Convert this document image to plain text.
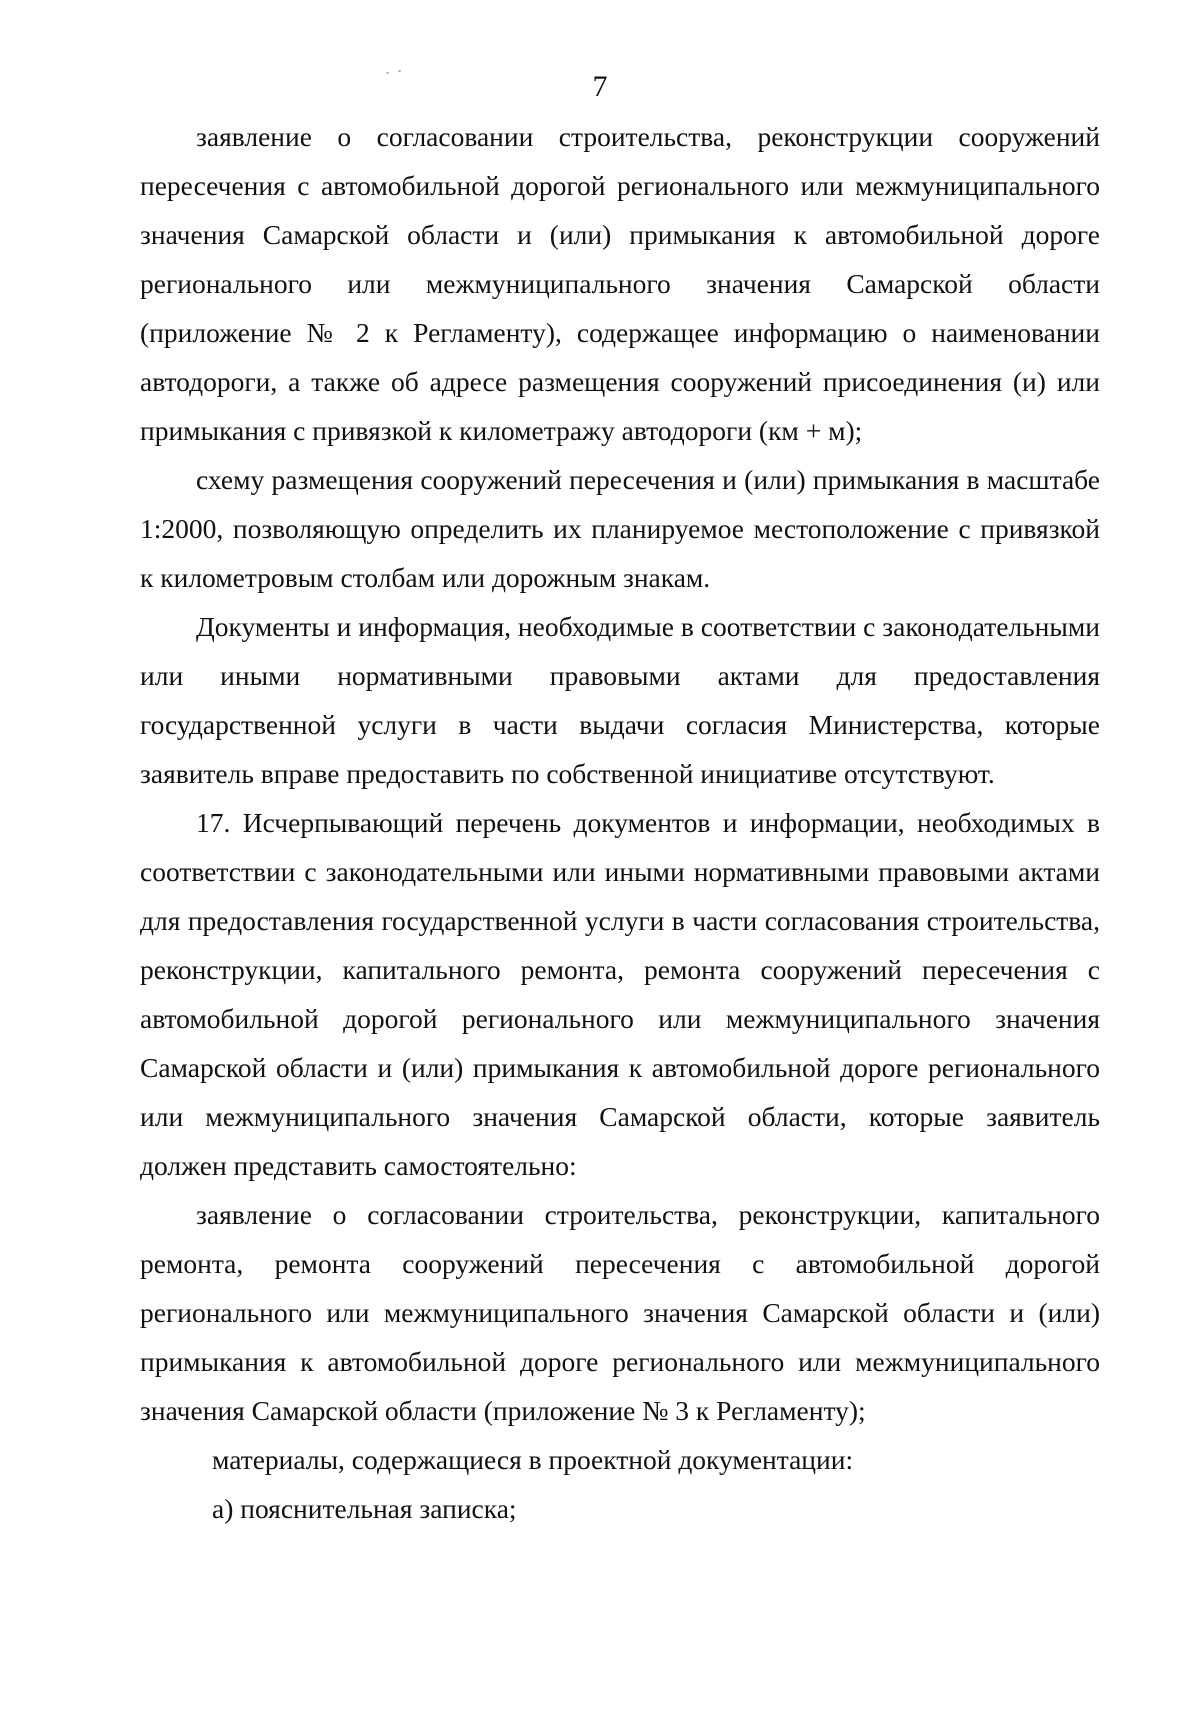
7

заявление о согласовании строительства, реконструкции сооружений пересечения с автомобильной дорогой регионального или межмуниципального значения Самарской области и (или) примыкания к автомобильной дороге регионального или межмуниципального значения Самарской области (приложение № 2 к Регламенту), содержащее информацию о наименовании автодороги, а также об адресе размещения сооружений присоединения (и) или примыкания с привязкой к километражу автодороги (км + м);

схему размещения сооружений пересечения и (или) примыкания в масштабе 1:2000, позволяющую определить их планируемое местоположение с привязкой к километровым столбам или дорожным знакам.

Документы и информация, необходимые в соответствии с законодательными или иными нормативными правовыми актами для предоставления государственной услуги в части выдачи согласия Министерства, которые заявитель вправе предоставить по собственной инициативе отсутствуют.

17. Исчерпывающий перечень документов и информации, необходимых в соответствии с законодательными или иными нормативными правовыми актами для предоставления государственной услуги в части согласования строительства, реконструкции, капитального ремонта, ремонта сооружений пересечения с автомобильной дорогой регионального или межмуниципального значения Самарской области и (или) примыкания к автомобильной дороге регионального или межмуниципального значения Самарской области, которые заявитель должен представить самостоятельно:

заявление о согласовании строительства, реконструкции, капитального ремонта, ремонта сооружений пересечения с автомобильной дорогой регионального или межмуниципального значения Самарской области и (или) примыкания к автомобильной дороге регионального или межмуниципального значения Самарской области (приложение № 3 к Регламенту);

материалы, содержащиеся в проектной документации:

а) пояснительная записка;
